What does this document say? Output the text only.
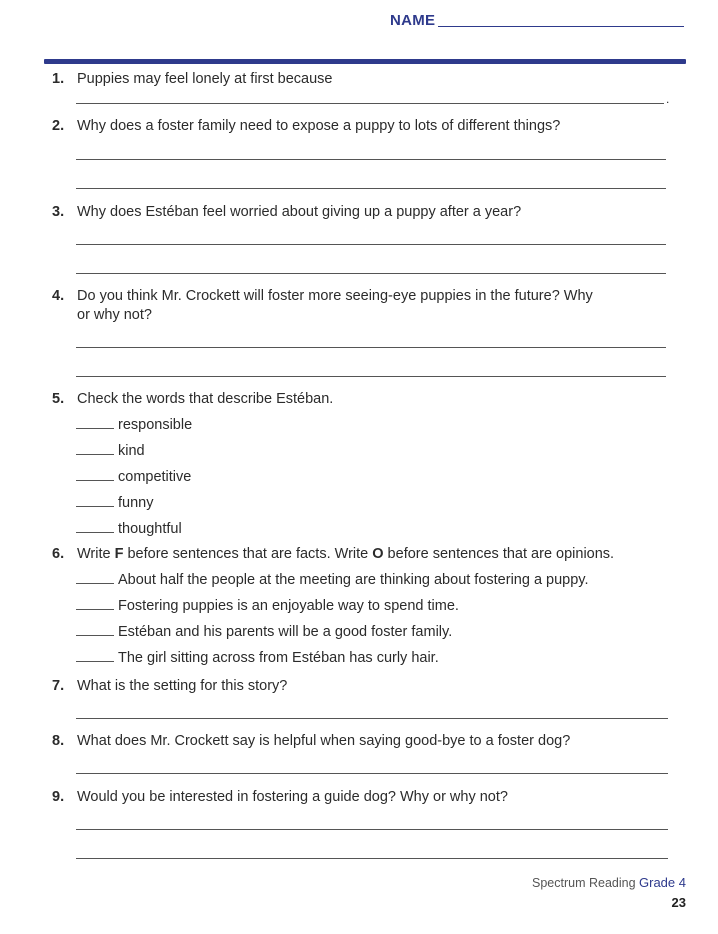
NAME
1. Puppies may feel lonely at first because
.
2. Why does a foster family need to expose a puppy to lots of different things?
3. Why does Estéban feel worried about giving up a puppy after a year?
4. Do you think Mr. Crockett will foster more seeing-eye puppies in the future? Why
or why not?
5. Check the words that describe Estéban.
responsible
kind
competitive
funny
thoughtful
6. Write F before sentences that are facts. Write O before sentences that are opinions.
About half the people at the meeting are thinking about fostering a puppy.
Fostering puppies is an enjoyable way to spend time.
Estéban and his parents will be a good foster family.
The girl sitting across from Estéban has curly hair.
7. What is the setting for this story?
8. What does Mr. Crockett say is helpful when saying good-bye to a foster dog?
9. Would you be interested in fostering a guide dog? Why or why not?
Spectrum Reading Grade 4
23
